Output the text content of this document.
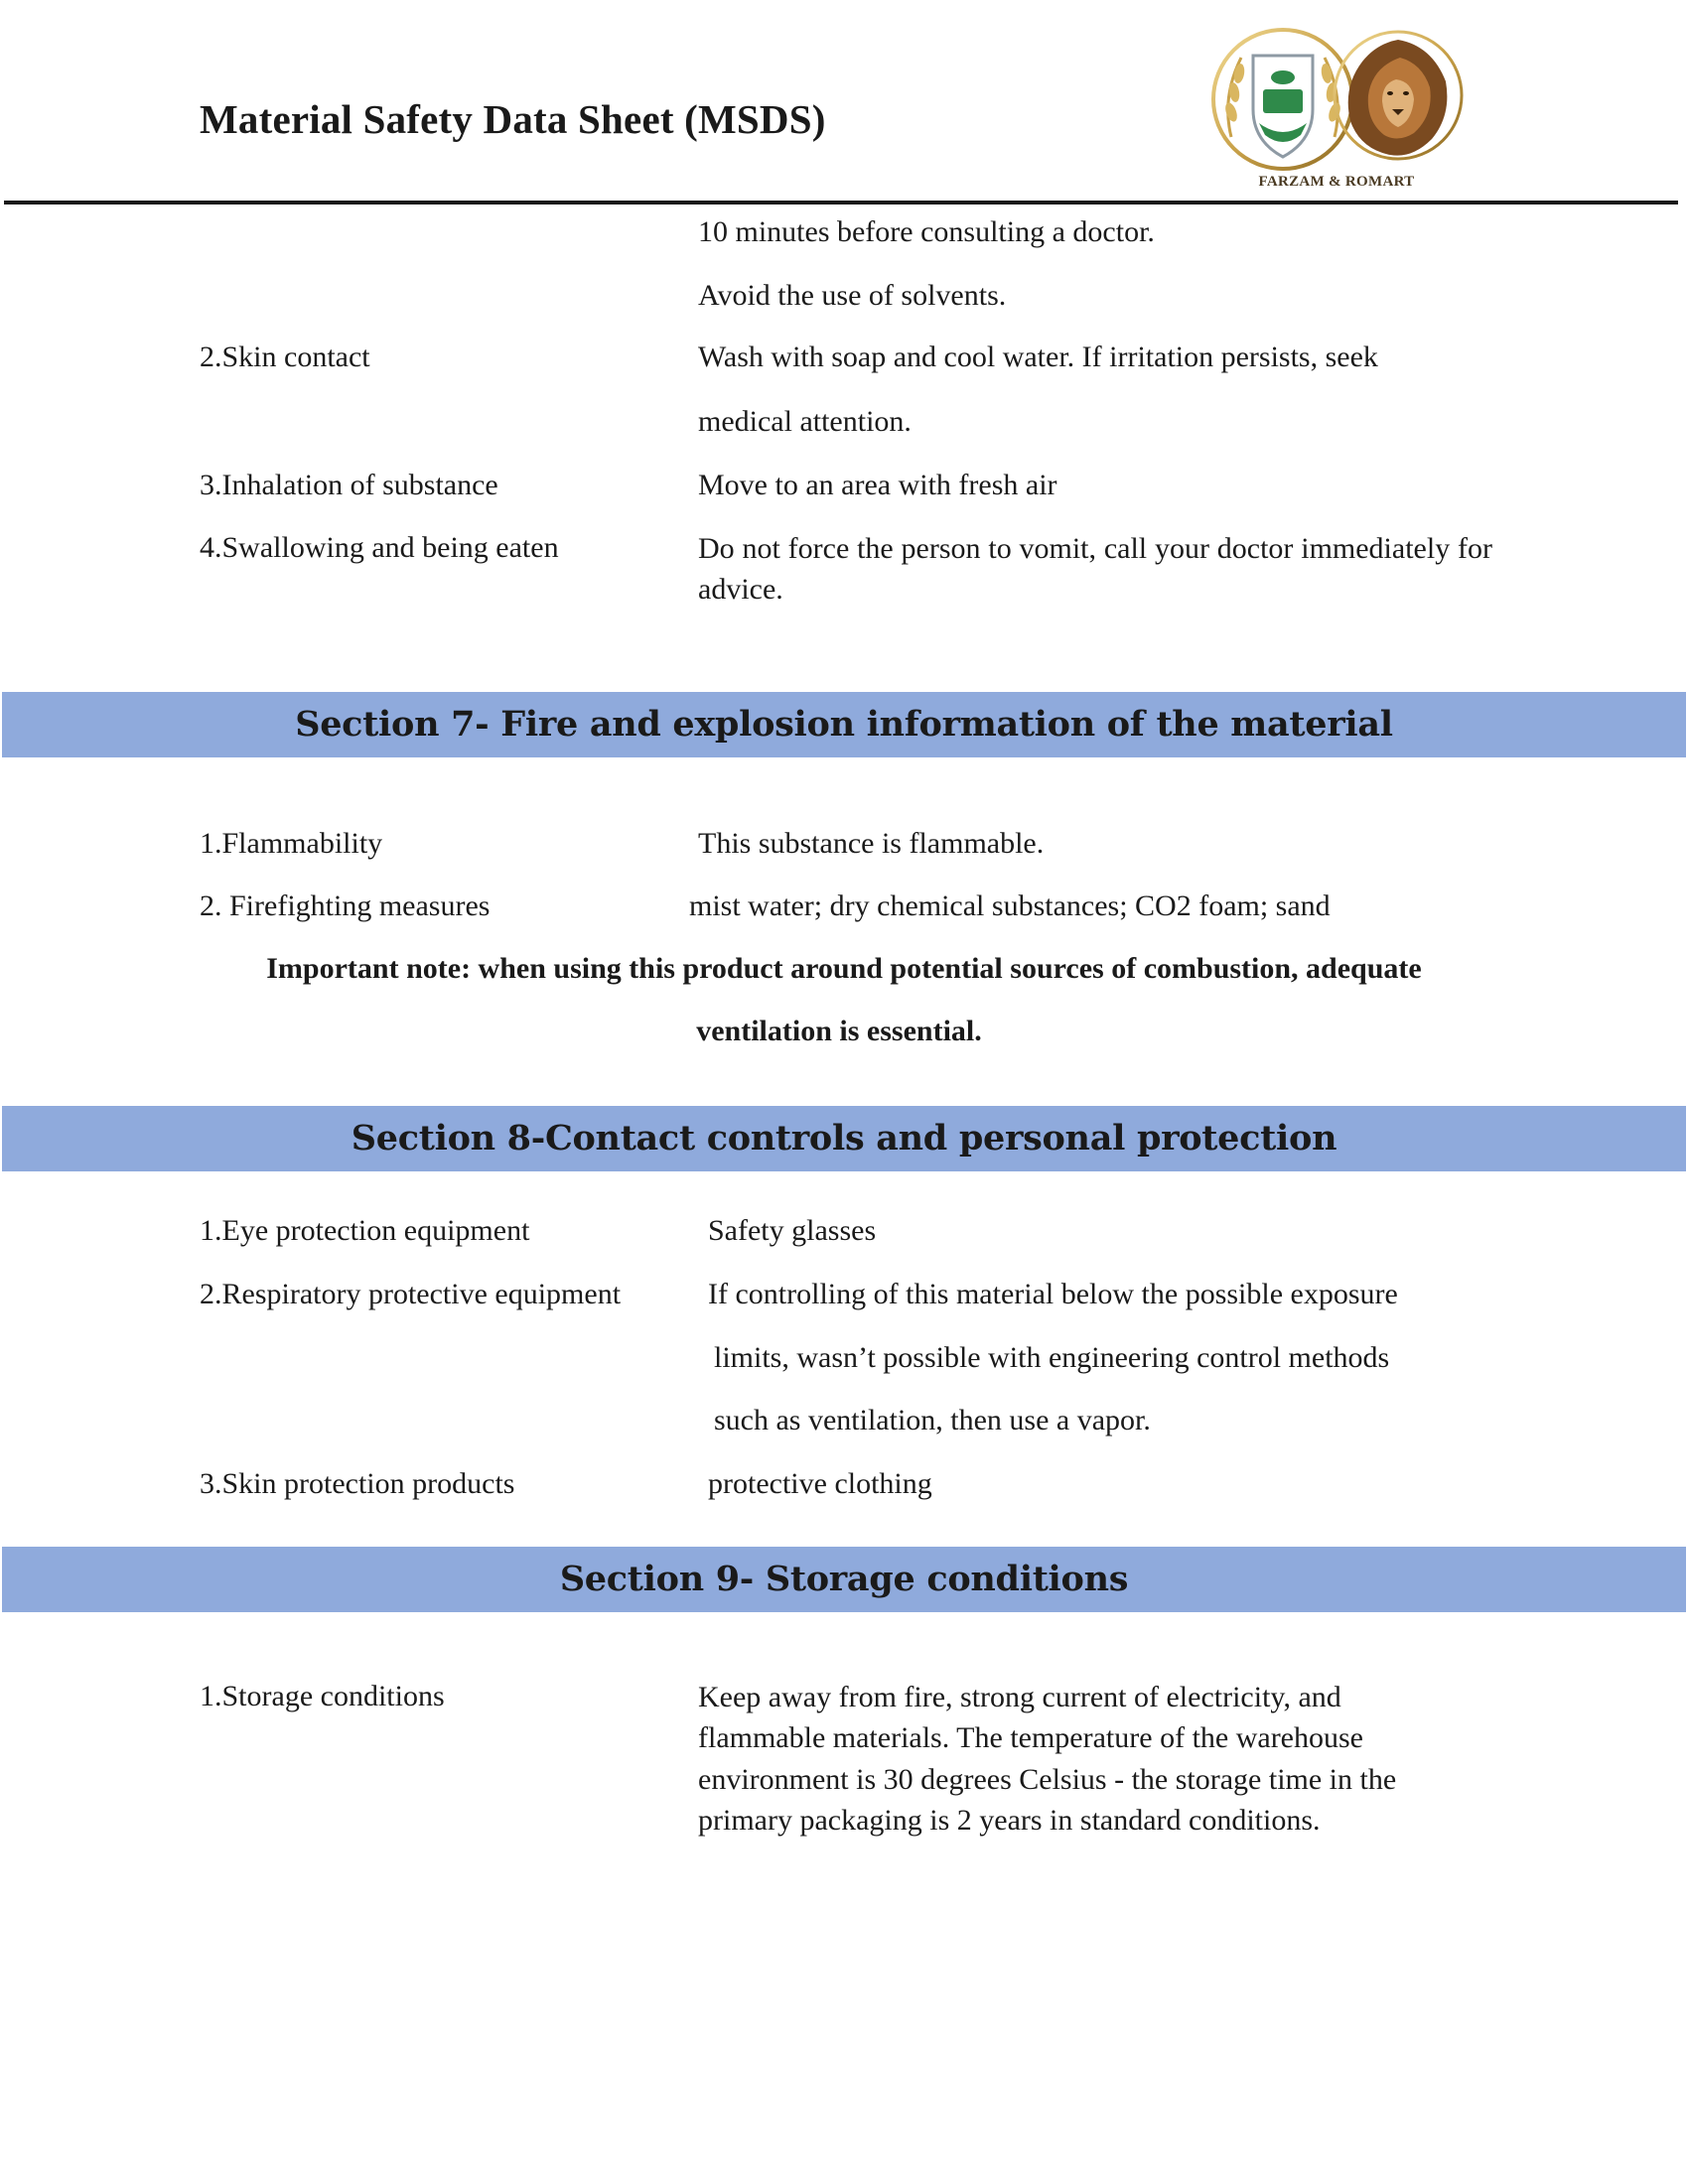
Material Safety Data Sheet (MSDS)
FARZAM & ROMART
10 minutes before consulting a doctor.
Avoid the use of solvents.
2.Skin contact	Wash with soap and cool water. If irritation persists, seek
medical attention.
3.Inhalation of substance	Move to an area with fresh air
4.Swallowing and being eaten	Do not force the person to vomit, call your doctor immediately for advice.
Section 7- Fire and explosion information of the material
1.Flammability	This substance is flammable.
2. Firefighting measures	mist water; dry chemical substances; CO2 foam; sand
Important note: when using this product around potential sources of combustion, adequate
ventilation is essential.
Section 8-Contact controls and personal protection
1.Eye protection equipment	Safety glasses
2.Respiratory protective equipment	If controlling of this material below the possible exposure
limits, wasn’t possible with engineering control methods
such as ventilation, then use a vapor.
3.Skin protection products	protective clothing
Section 9- Storage conditions
1.Storage conditions	Keep away from fire, strong current of electricity, and
flammable materials. The temperature of the warehouse
environment is 30 degrees Celsius - the storage time in the
primary packaging is 2 years in standard conditions.
